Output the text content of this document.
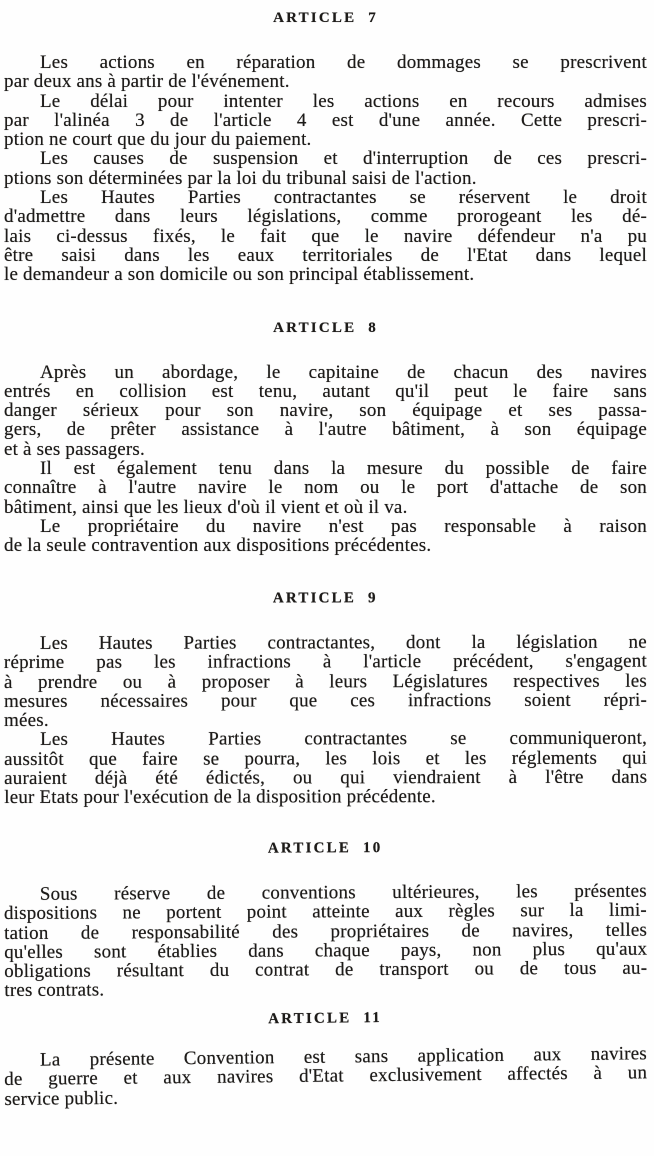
ARTICLE 7

Les actions en réparation de dommages se prescrivent
par deux ans à partir de l'événement.

Le délai pour intenter les actions en recours admises
par l'alinéa 3 de l'article 4 est d'une année. Cette prescri-
ption ne court que du jour du paiement.

Les causes de suspension et d'interruption de ces prescri-
ptions son déterminées par la loi du tribunal saisi de l'action.

Les Hautes Parties contractantes se réservent le droit
d'admettre dans leurs législations, comme prorogeant les dé-
lais ci-dessus fixés, le fait que le navire défendeur n'a pu
être saisi dans les eaux territoriales de l'Etat dans lequel
le demandeur a son domicile ou son principal établissement.

ARTICLE 8

Après un abordage, le capitaine de chacun des navires
entrés en collision est tenu, autant qu'il peut le faire sans
danger sérieux pour son navire, son équipage et ses passa-
gers, de prêter assistance à l'autre bâtiment, à son équipage
et à ses passagers.

Il est également tenu dans la mesure du possible de faire
connaître à l'autre navire le nom ou le port d'attache de son
bâtiment, ainsi que les lieux d'où il vient et où il va.

Le propriétaire du navire n'est pas responsable à raison
de la seule contravention aux dispositions précédentes.

ARTICLE 9

Les Hautes Parties contractantes, dont la législation ne
réprime pas les infractions à l'article précédent, s'engagent
à prendre ou à proposer à leurs Législatures respectives les
mesures nécessaires pour que ces infractions soient répri-
mées.

Les Hautes Parties contractantes se communiqueront,
aussitôt que faire se pourra, les lois et les réglements qui
auraient déjà été édictés, ou qui viendraient à l'être dans
leur Etats pour l'exécution de la disposition précédente.

ARTICLE 10

Sous réserve de conventions ultérieures, les présentes
dispositions ne portent point atteinte aux règles sur la limi-
tation de responsabilité des propriétaires de navires, telles
qu'elles sont établies dans chaque pays, non plus qu'aux
obligations résultant du contrat de transport ou de tous au-
tres contrats.

ARTICLE 11

La présente Convention est sans application aux navires
de guerre et aux navires d'Etat exclusivement affectés à un
service public.
